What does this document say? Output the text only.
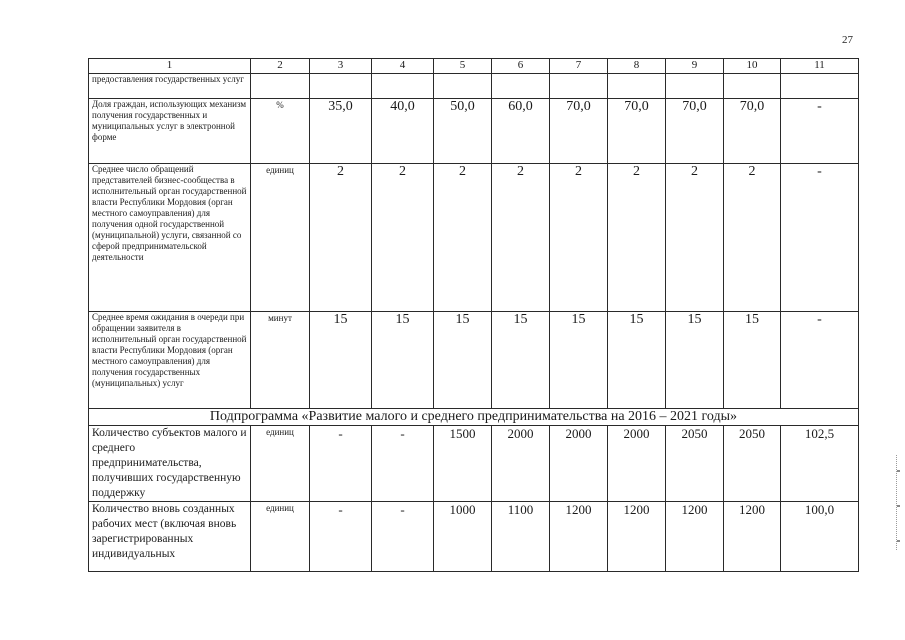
27
1	2	3	4	5	6	7	8	9	10	11
предоставления государственных услуг										
Доля граждан, использующих механизм получения государственных и муниципальных услуг в электронной форме	%	35,0	40,0	50,0	60,0	70,0	70,0	70,0	70,0	-
Среднее число обращений представителей бизнес-сообщества в исполнительный орган государственной власти Республики Мордовия (орган местного самоуправления) для получения одной государственной (муниципальной) услуги, связанной со сферой предпринимательской деятельности	единиц	2	2	2	2	2	2	2	2	-
Среднее время ожидания в очереди при обращении заявителя в исполнительный орган государственной власти Республики Мордовия (орган местного самоуправления) для получения государственных (муниципальных) услуг	минут	15	15	15	15	15	15	15	15	-
Подпрограмма «Развитие малого и среднего предпринимательства на 2016 – 2021 годы»										
Количество субъектов малого и среднего предпринимательства, получивших государственную поддержку	единиц	-	-	1500	2000	2000	2000	2050	2050	102,5
Количество вновь созданных рабочих мест (включая вновь зарегистрированных индивидуальных	единиц	-	-	1000	1100	1200	1200	1200	1200	100,0
